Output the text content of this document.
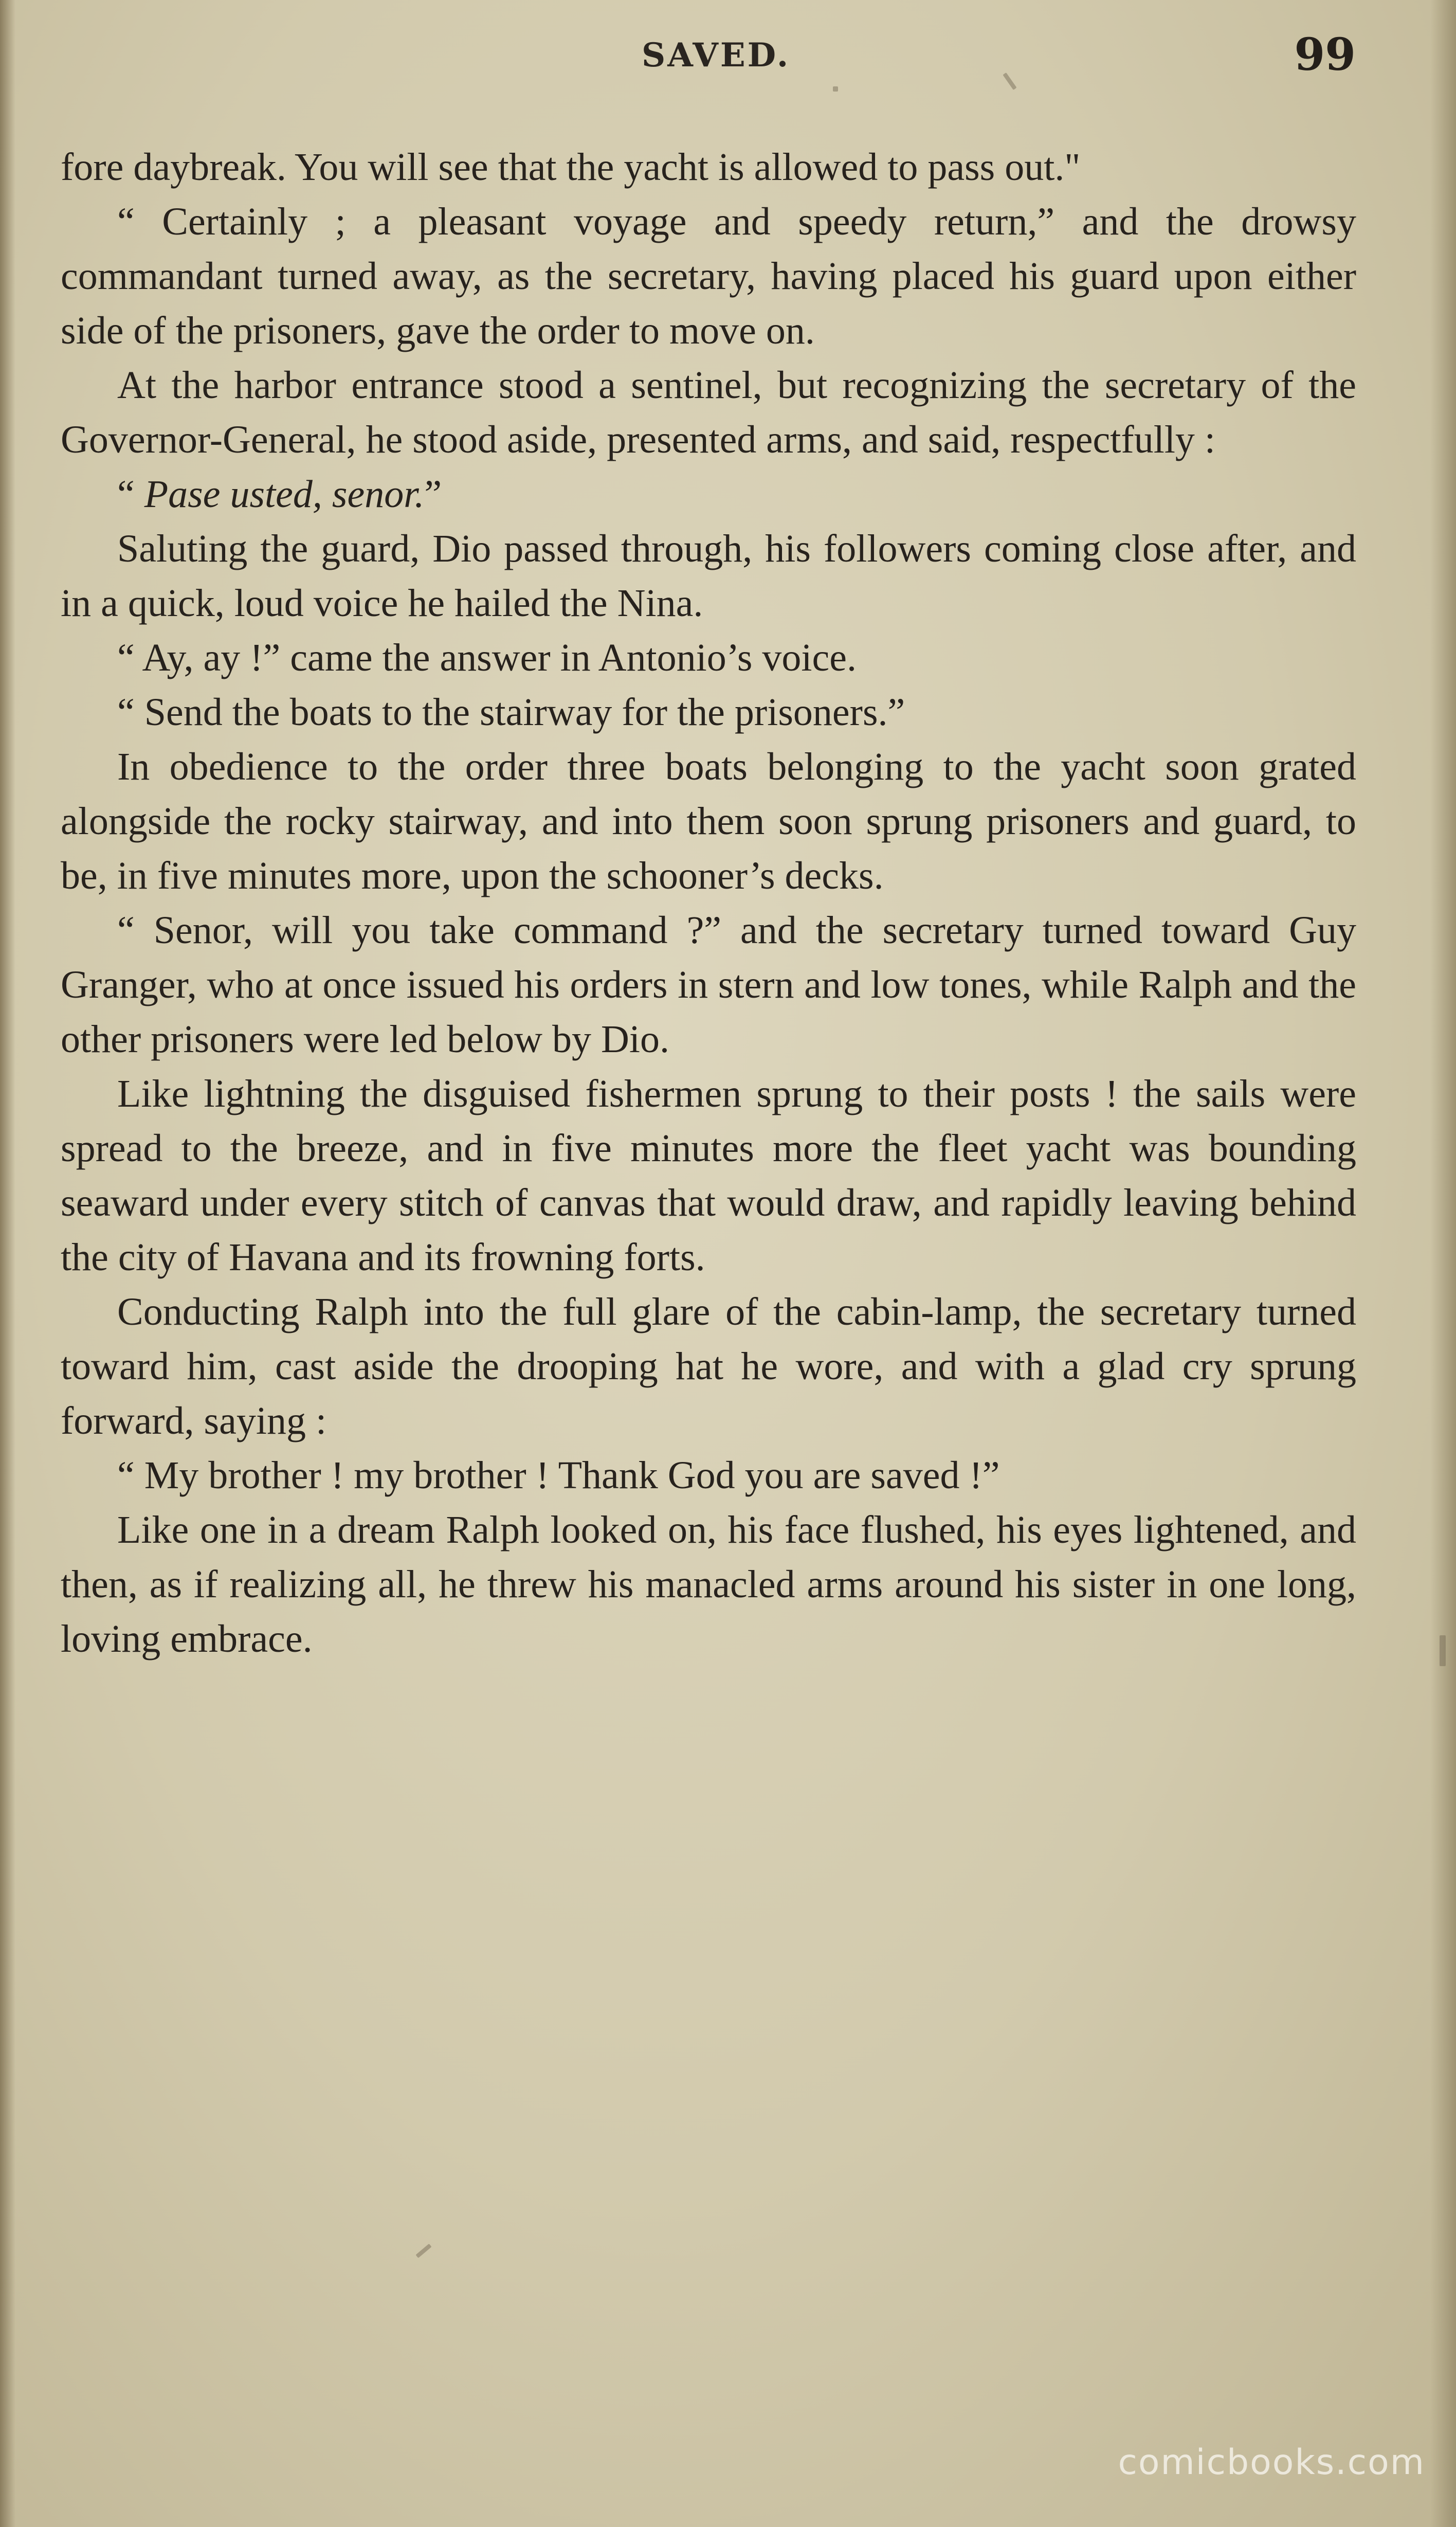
SAVED.	99

fore daybreak. You will see that the yacht is allowed to pass out."

“ Certainly ; a pleasant voyage and speedy return,” and the drowsy commandant turned away, as the secretary, having placed his guard upon either side of the prisoners, gave the order to move on.

At the harbor entrance stood a sentinel, but recognizing the secretary of the Governor-General, he stood aside, presented arms, and said, respectfully :

“ Pase usted, senor.”

Saluting the guard, Dio passed through, his followers coming close after, and in a quick, loud voice he hailed the Nina.

“ Ay, ay !” came the answer in Antonio’s voice.

“ Send the boats to the stairway for the prisoners.”

In obedience to the order three boats belonging to the yacht soon grated alongside the rocky stairway, and into them soon sprung prisoners and guard, to be, in five minutes more, upon the schooner’s decks.

“ Senor, will you take command ?” and the secretary turned toward Guy Granger, who at once issued his orders in stern and low tones, while Ralph and the other prisoners were led below by Dio.

Like lightning the disguised fishermen sprung to their posts ! the sails were spread to the breeze, and in five minutes more the fleet yacht was bounding seaward under every stitch of canvas that would draw, and rapidly leaving behind the city of Havana and its frowning forts.

Conducting Ralph into the full glare of the cabin-lamp, the secretary turned toward him, cast aside the drooping hat he wore, and with a glad cry sprung forward, saying :

“ My brother ! my brother ! Thank God you are saved !”

Like one in a dream Ralph looked on, his face flushed, his eyes lightened, and then, as if realizing all, he threw his manacled arms around his sister in one long, loving embrace.

comicbooks.com
